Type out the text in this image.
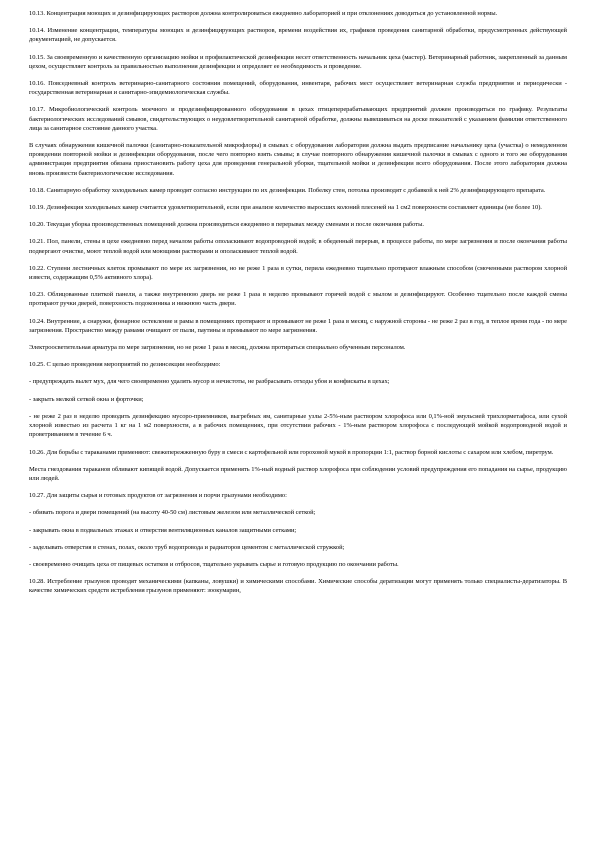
10.13. Концентрация моющих и дезинфицирующих растворов должна контролироваться ежедневно лабораторией и при отклонениях доводиться до установленной нормы.

10.14. Изменение концентрации, температуры моющих и дезинфицирующих растворов, времени воздействия их, графиков проведения санитарной обработки, предусмотренных действующей документацией, не допускается.

10.15. За своевременную и качественную организацию мойки и профилактической дезинфекции несет ответственность начальник цеха (мастер). Ветеринарный работник, закрепленный за данным цехом, осуществляет контроль за правильностью выполнения дезинфекции и определяет ее необходимость и проведение.

10.16. Повседневный контроль ветеринарно-санитарного состояния помещений, оборудования, инвентаря, рабочих мест осуществляет ветеринарная служба предприятия и периодически - государственная ветеринарная и санитарно-эпидемиологическая службы.

10.17. Микробиологический контроль моечного и продезинфицированного оборудования в цехах птицеперерабатывающих предприятий должен производиться по графику. Результаты бактериологических исследований смывов, свидетельствующих о неудовлетворительной санитарной обработке, должны вывешиваться на доске показателей с указанием фамилии ответственного лица за санитарное состояние данного участка.

В случаях обнаружения кишечной палочки (санитарно-показательной микрофлоры) в смывах с оборудования лаборатория должна выдать предписание начальнику цеха (участка) о немедленном проведении повторной мойки и дезинфекции оборудования, после чего повторно взять смывы; в случае повторного обнаружения кишечной палочки в смывах с одного и того же оборудования администрация предприятия обязана приостановить работу цеха для проведения генеральной уборки, тщательной мойки и дезинфекции всего оборудования. После этого лаборатория должна вновь произвести бактериологические исследования.

10.18. Санитарную обработку холодильных камер проводят согласно инструкции по их дезинфекции. Побелку стен, потолка производят с добавкой к ней 2% дезинфицирующего препарата.

10.19. Дезинфекция холодильных камер считается удовлетворительной, если при анализе количество выросших колоний плесеней на 1 см2 поверхности составляет единицы (не более 10).

10.20. Текущая уборка производственных помещений должна производиться ежедневно в перерывах между сменами и после окончания работы.

10.21. Пол, панели, стены в цехе ежедневно перед началом работы ополаскивают водопроводной водой; в обеденный перерыв, в процессе работы, по мере загрязнения и после окончания работы подвергают очистке, моют теплой водой или моющими растворами и ополаскивают теплой водой.

10.22. Ступени лестничных клеток промывают по мере их загрязнения, но не реже 1 раза в сутки, перила ежедневно тщательно протирают влажным способом (смоченными раствором хлорной извести, содержащим 0,5% активного хлора).

10.23. Облицованные плиткой панели, а также внутреннюю дверь не реже 1 раза в неделю промывают горячей водой с мылом и дезинфицируют. Особенно тщательно после каждой смены протирают ручки дверей, поверхность подоконника и нижнюю часть двери.

10.24. Внутренние, а снаружи, фонарное остекление и рамы в помещениях протирают и промывают не реже 1 раза в месяц, с наружной стороны - не реже 2 раз в год, в теплое время года - по мере загрязнения. Пространство между рамами очищают от пыли, паутины и промывают по мере загрязнения.

Электроосветительная арматура по мере загрязнения, но не реже 1 раза в месяц, должна протираться специально обученным персоналом.

10.25. С целью проведения мероприятий по дезинсекции необходимо:

- предупреждать вылет мух, для чего своевременно удалять мусор и нечистоты, не разбрасывать отходы убоя и конфискаты в цехах;

- закрыть мелкой сеткой окна и форточки;

- не реже 2 раз в неделю проводить дезинфекцию мусоро-приемников, выгребных ям, санитарные узлы 2-5%-ным раствором хлорофоса или 0,1%-ной эмульсией трихлорметафоса, или сухой хлорной известью из расчета 1 кг на 1 м2 поверхности, а в рабочих помещениях, при отсутствии рабочих - 1%-ным раствором хлорофоса с последующей мойкой водопроводной водой и проветриванием в течение 6 ч.

10.26. Для борьбы с тараканами применяют: свежепережженную буру в смеси с картофельной или гороховой мукой в пропорции 1:1, раствор борной кислоты с сахаром или хлебом, пиретрум.

Места гнездования тараканов обливают кипящей водой. Допускается применять 1%-ный водный раствор хлорофоса при соблюдении условий предупреждения его попадания на сырье, продукцию или людей.

10.27. Для защиты сырья и готовых продуктов от загрязнения и порчи грызунами необходимо:

- обивать порога и двери помещений (на высоту 40-50 см) листовым железом или металлической сеткой;

- закрывать окна в подвальных этажах и отверстия вентиляционных каналов защитными сетками;

- заделывать отверстия в стенах, полах, около труб водопровода и радиаторов цементом с металлической стружкой;

- своевременно очищать цеха от пищевых остатков и отбросов, тщательно укрывать сырье и готовую продукцию по окончании работы.

10.28. Истребление грызунов проводят механическими (капканы, ловушки) и химическими способами. Химические способы дератизации могут применять только специалисты-дератизаторы. В качестве химических средств истребления грызунов применяют: зоокумарин,
